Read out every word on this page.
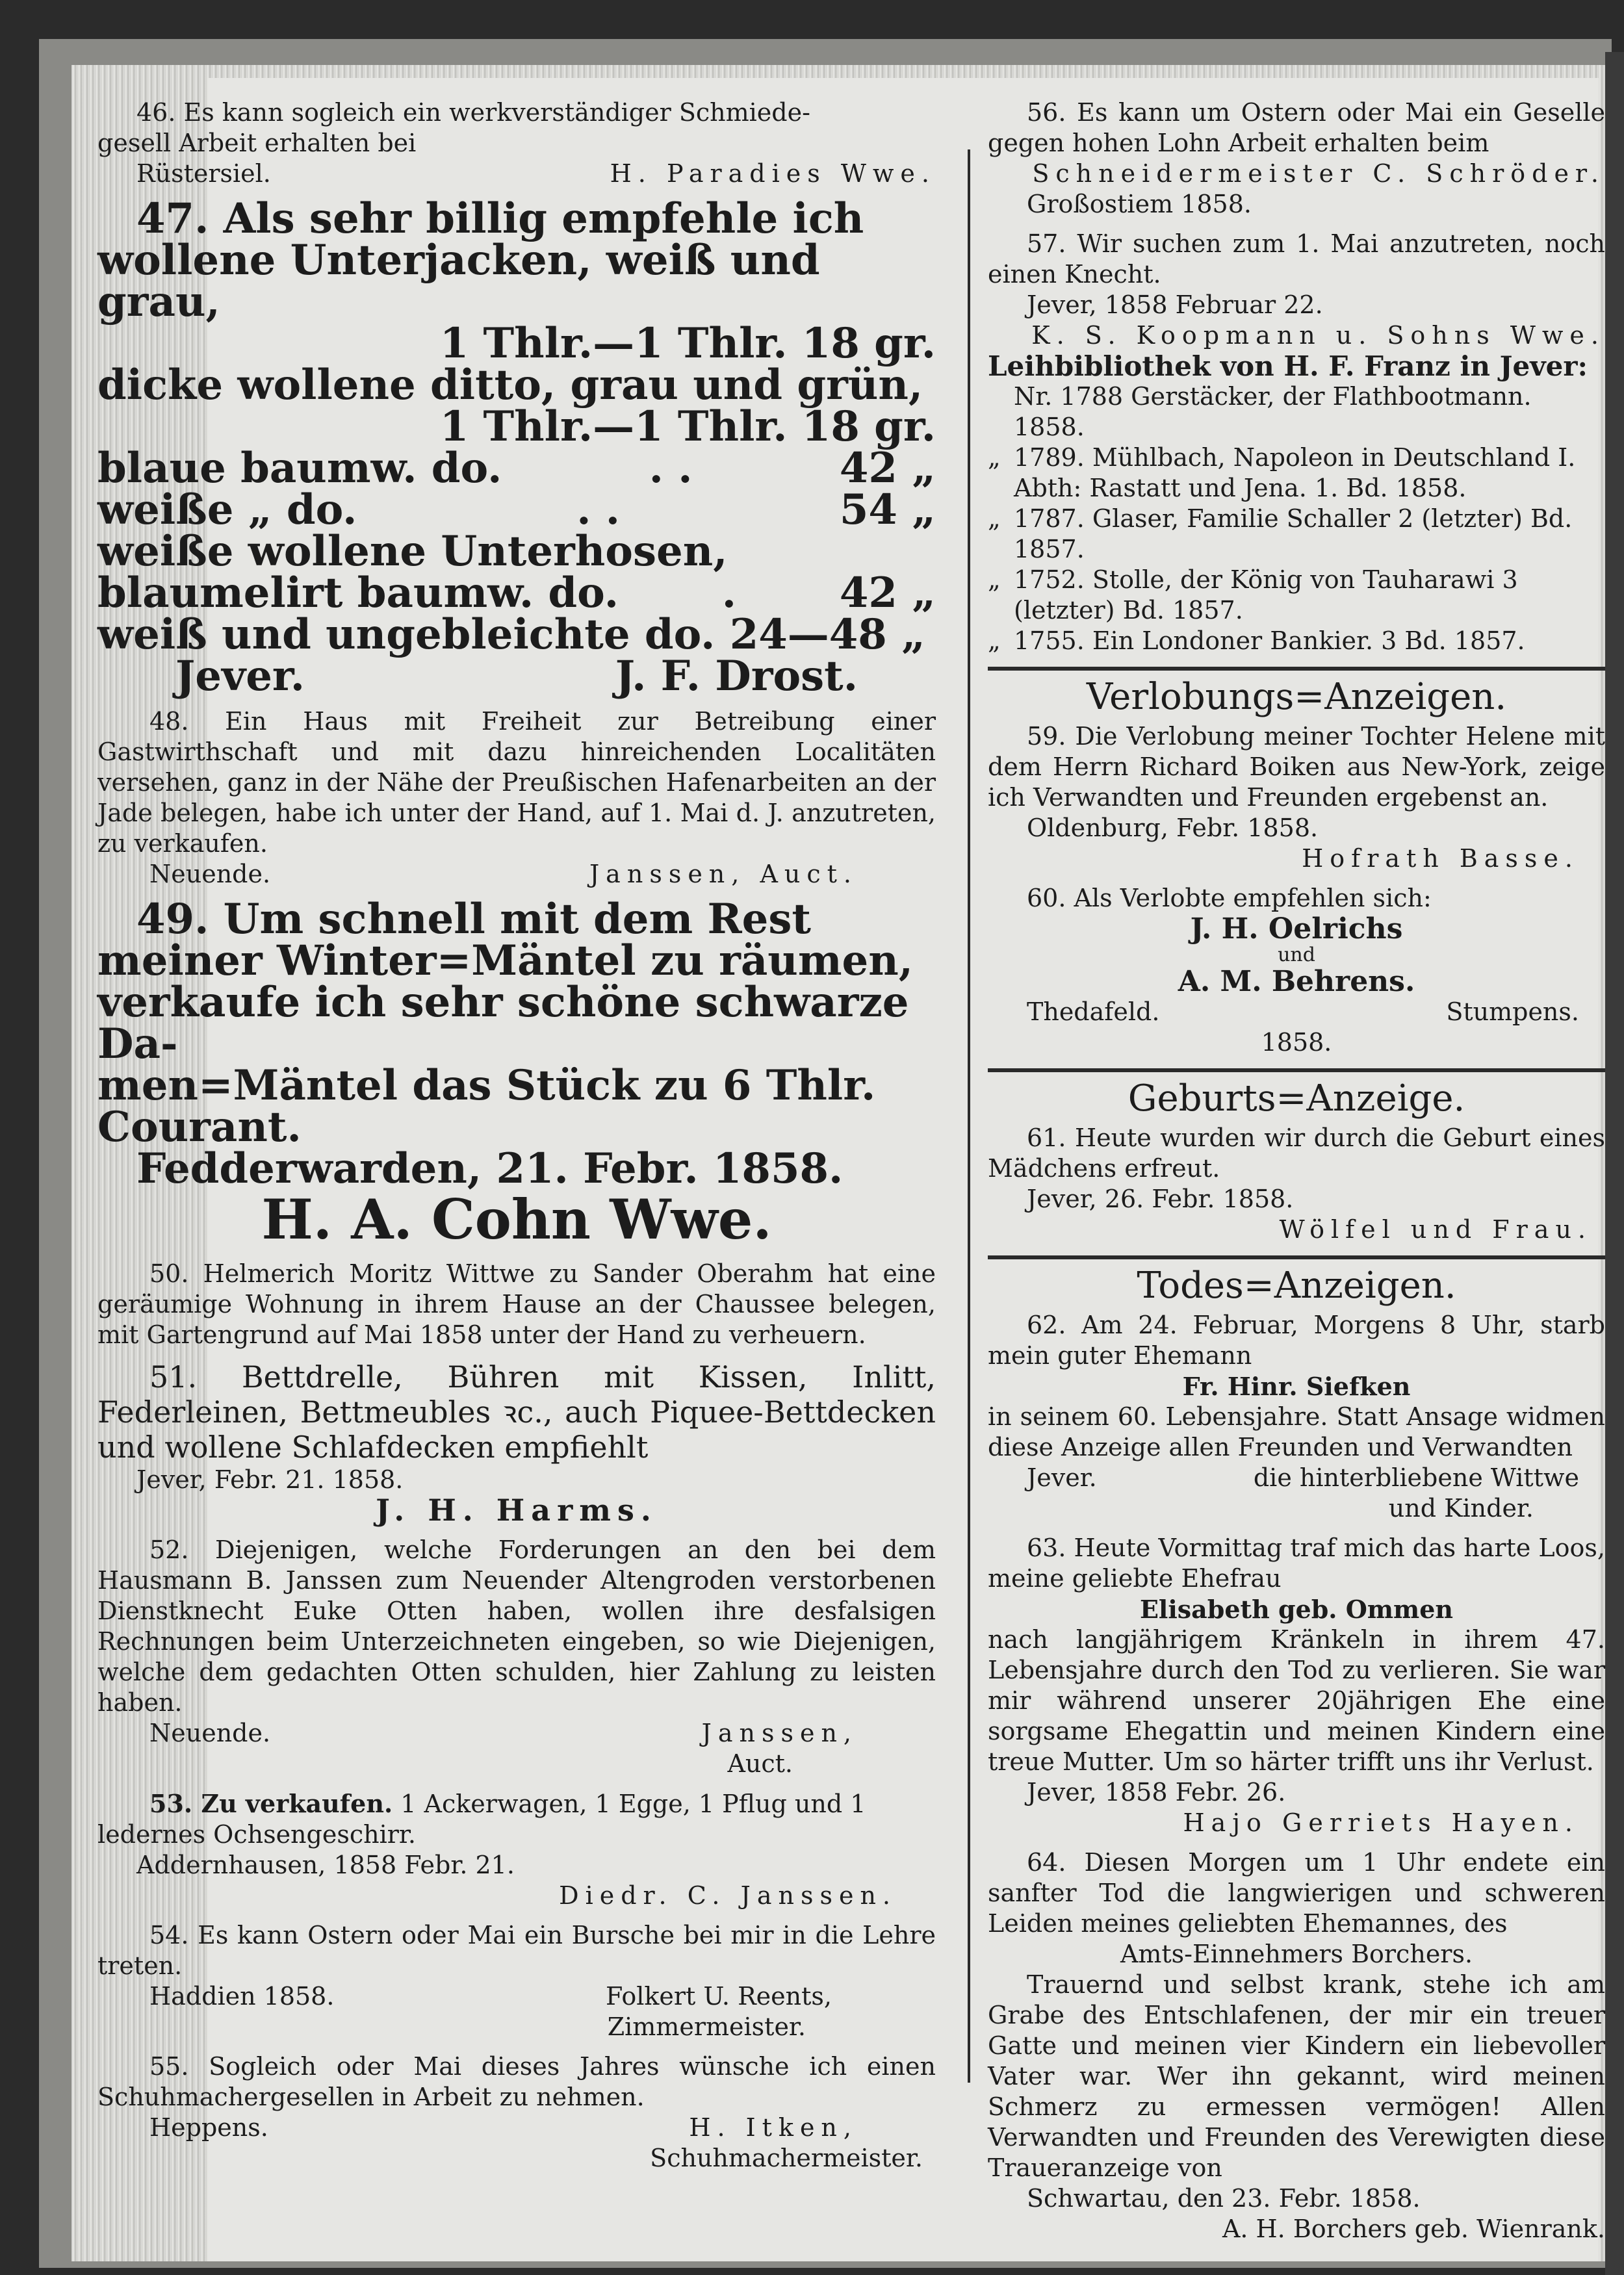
46. Es kann sogleich ein werkverständiger Schmiede-
gesell Arbeit erhalten bei
Rüstersiel.	H. Paradies Wwe.
47. Als sehr billig empfehle ich
wollene Unterjacken, weiß und grau,
1 Thlr.—1 Thlr. 18 gr.
dicke wollene ditto, grau und grün,
1 Thlr.—1 Thlr. 18 gr.
blaue baumw. do.	. .	42 „
weiße „ do.	. .	54 „
weiße wollene Unterhosen,
blaumelirt baumw. do. . 42 „
weiß und ungebleichte do. 24—48 „
Jever.	J. F. Drost.
48. Ein Haus mit Freiheit zur Betreibung einer Gastwirthschaft und mit dazu hinreichenden Localitäten versehen, ganz in der Nähe der Preußischen Hafenarbeiten an der Jade belegen, habe ich unter der Hand, auf 1. Mai d. J. anzutreten, zu verkaufen.
Neuende.	Janssen, Auct.
49. Um schnell mit dem Rest
meiner Winter=Mäntel zu räumen,
verkaufe ich sehr schöne schwarze Da-
men=Mäntel das Stück zu 6 Thlr.
Courant.
Fedderwarden, 21. Febr. 1858.
H. A. Cohn Wwe.
50. Helmerich Moritz Wittwe zu Sander Oberahm hat eine geräumige Wohnung in ihrem Hause an der Chaussee belegen, mit Gartengrund auf Mai 1858 unter der Hand zu verheuern.
51. Bettdrelle, Bühren mit Kissen, Inlitt, Federleinen, Bettmeubles ꝛc., auch Piquee-Bettdecken und wollene Schlafdecken empfiehlt
Jever, Febr. 21. 1858.
J. H. Harms.
52. Diejenigen, welche Forderungen an den bei dem Hausmann B. Janssen zum Neuender Altengroden verstorbenen Dienstknecht Euke Otten haben, wollen ihre desfalsigen Rechnungen beim Unterzeichneten eingeben, so wie Diejenigen, welche dem gedachten Otten schulden, hier Zahlung zu leisten haben.
Neuende.	Janssen,
Auct.
53. Zu verkaufen. 1 Ackerwagen, 1 Egge, 1 Pflug und 1 ledernes Ochsengeschirr.
Addernhausen, 1858 Febr. 21.
Diedr. C. Janssen.
54. Es kann Ostern oder Mai ein Bursche bei mir in die Lehre treten.
Haddien 1858.	Folkert U. Reents,
Zimmermeister.
55. Sogleich oder Mai dieses Jahres wünsche ich einen Schuhmachergesellen in Arbeit zu nehmen.
Heppens.	H. Itken,
Schuhmachermeister.
56. Es kann um Ostern oder Mai ein Geselle gegen hohen Lohn Arbeit erhalten beim
Schneidermeister C. Schröder.
Großostiem 1858.
57. Wir suchen zum 1. Mai anzutreten, noch einen Knecht.
Jever, 1858 Februar 22.
K. S. Koopmann u. Sohns Wwe.
Leihbibliothek von H. F. Franz in Jever:
Nr. 1788 Gerstäcker, der Flathbootmann. 1858.
„ 1789. Mühlbach, Napoleon in Deutschland I. Abth: Rastatt und Jena. 1. Bd. 1858.
„ 1787. Glaser, Familie Schaller 2 (letzter) Bd. 1857.
„ 1752. Stolle, der König von Tauharawi 3 (letzter) Bd. 1857.
„ 1755. Ein Londoner Bankier. 3 Bd. 1857.
Verlobungs=Anzeigen.
59. Die Verlobung meiner Tochter Helene mit dem Herrn Richard Boiken aus New-York, zeige ich Verwandten und Freunden ergebenst an.
Oldenburg, Febr. 1858.
Hofrath Basse.
60. Als Verlobte empfehlen sich:
J. H. Oelrichs
und
A. M. Behrens.
Thedafeld.	Stumpens.
1858.
Geburts=Anzeige.
61. Heute wurden wir durch die Geburt eines Mädchens erfreut.
Jever, 26. Febr. 1858.
Wölfel und Frau.
Todes=Anzeigen.
62. Am 24. Februar, Morgens 8 Uhr, starb mein guter Ehemann
Fr. Hinr. Siefken
in seinem 60. Lebensjahre. Statt Ansage widmen diese Anzeige allen Freunden und Verwandten
Jever.	die hinterbliebene Wittwe
und Kinder.
63. Heute Vormittag traf mich das harte Loos, meine geliebte Ehefrau
Elisabeth geb. Ommen
nach langjährigem Kränkeln in ihrem 47. Lebensjahre durch den Tod zu verlieren. Sie war mir während unserer 20jährigen Ehe eine sorgsame Ehegattin und meinen Kindern eine treue Mutter. Um so härter trifft uns ihr Verlust.
Jever, 1858 Febr. 26.
Hajo Gerriets Hayen.
64. Diesen Morgen um 1 Uhr endete ein sanfter Tod die langwierigen und schweren Leiden meines geliebten Ehemannes, des
Amts-Einnehmers Borchers.
Trauernd und selbst krank, stehe ich am Grabe des Entschlafenen, der mir ein treuer Gatte und meinen vier Kindern ein liebevoller Vater war. Wer ihn gekannt, wird meinen Schmerz zu ermessen vermögen! Allen Verwandten und Freunden des Verewigten diese Traueranzeige von
Schwartau, den 23. Febr. 1858.
A. H. Borchers geb. Wienrank.
